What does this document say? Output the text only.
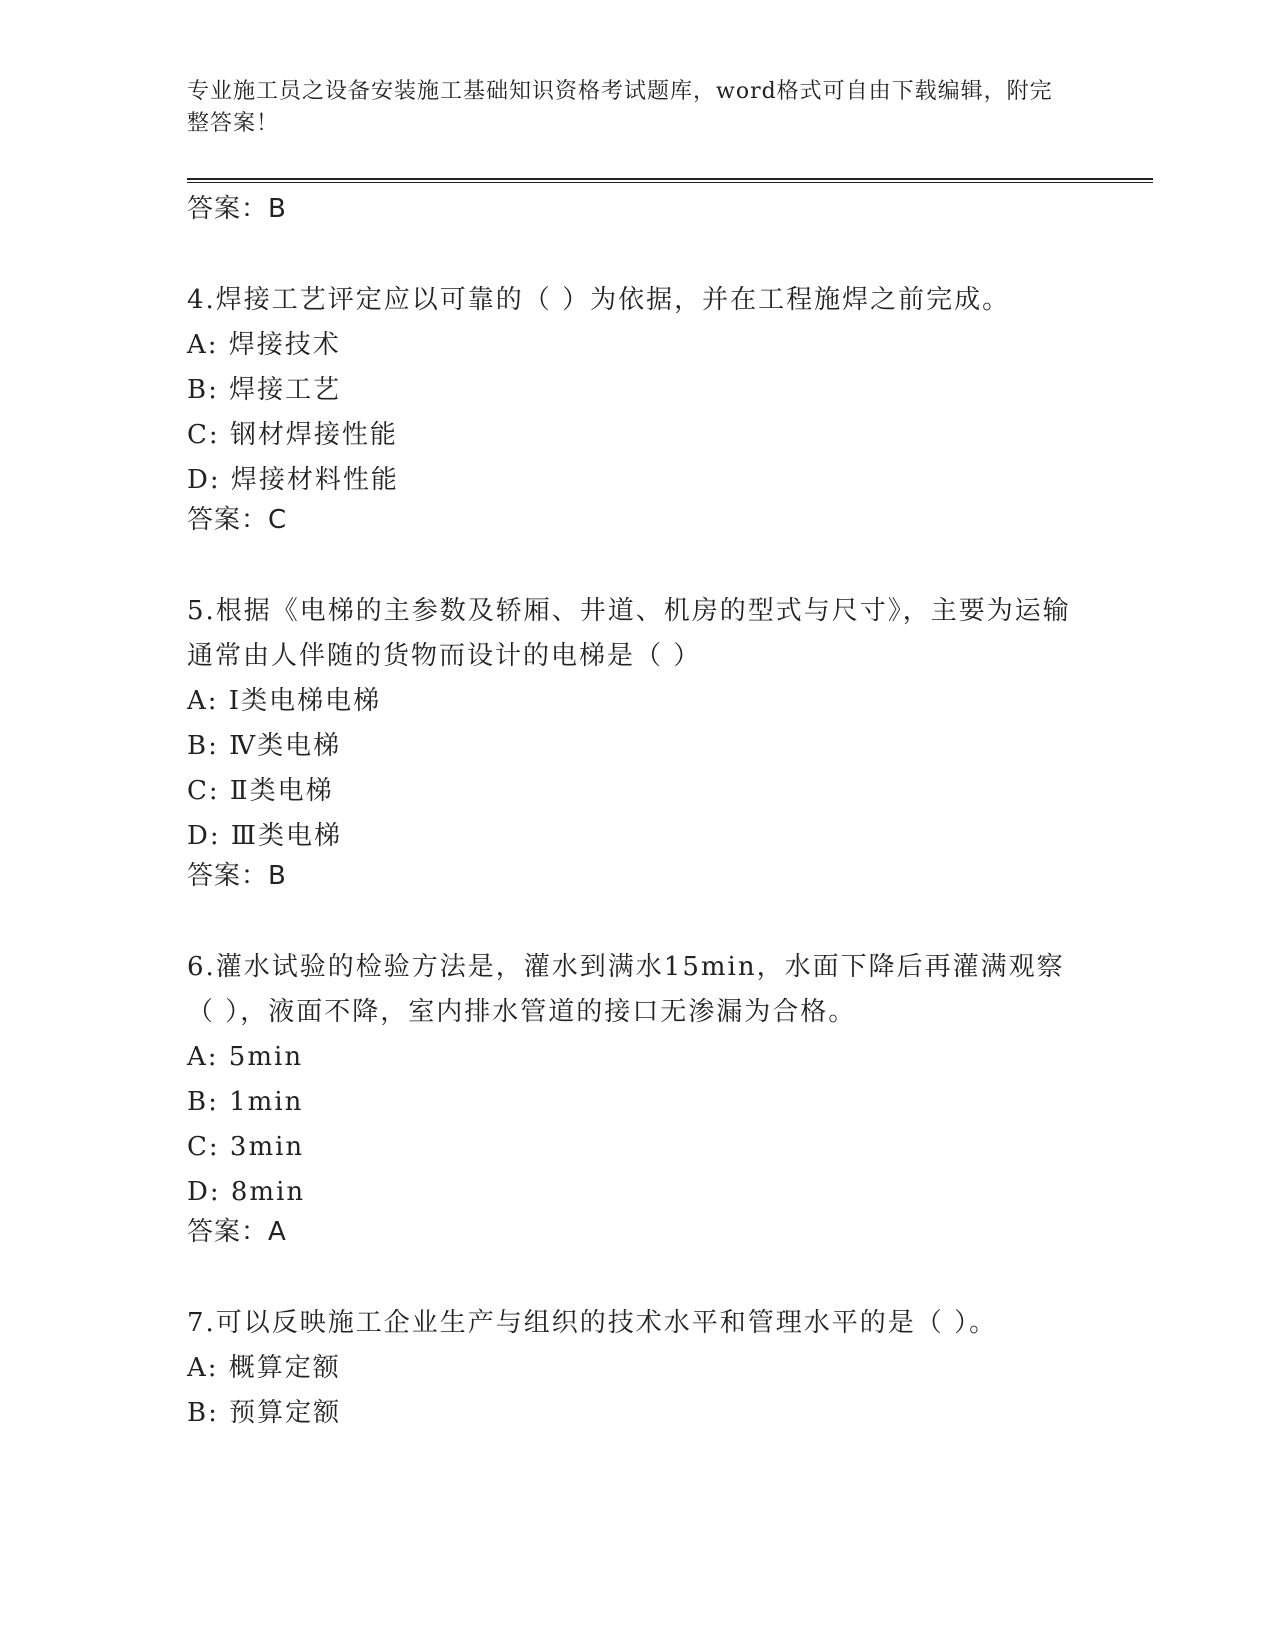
专业施工员之设备安装施工基础知识资格考试题库，word格式可自由下载编辑，附完整答案！
答案：B
4.焊接工艺评定应以可靠的（ ）为依据，并在工程施焊之前完成。
A: 焊接技术
B: 焊接工艺
C: 钢材焊接性能
D: 焊接材料性能
答案：C
5.根据《电梯的主参数及轿厢、井道、机房的型式与尺寸》，主要为运输通常由人伴随的货物而设计的电梯是（ ）
A: Ⅰ类电梯电梯
B: Ⅳ类电梯
C: Ⅱ类电梯
D: Ⅲ类电梯
答案：B
6.灌水试验的检验方法是，灌水到满水15min，水面下降后再灌满观察（ ），液面不降，室内排水管道的接口无渗漏为合格。
A: 5min
B: 1min
C: 3min
D: 8min
答案：A
7.可以反映施工企业生产与组织的技术水平和管理水平的是（ ）。
A: 概算定额
B: 预算定额
